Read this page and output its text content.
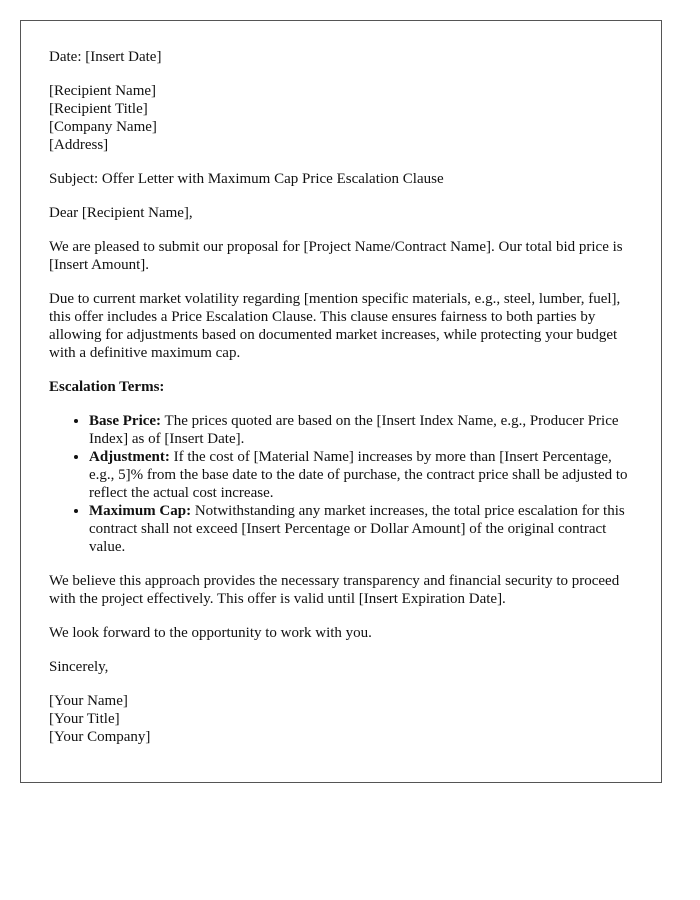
Date: [Insert Date]

[Recipient Name]
[Recipient Title]
[Company Name]
[Address]

Subject: Offer Letter with Maximum Cap Price Escalation Clause

Dear [Recipient Name],

We are pleased to submit our proposal for [Project Name/Contract Name]. Our total bid price is [Insert Amount].

Due to current market volatility regarding [mention specific materials, e.g., steel, lumber, fuel], this offer includes a Price Escalation Clause. This clause ensures fairness to both parties by allowing for adjustments based on documented market increases, while protecting your budget with a definitive maximum cap.

Escalation Terms:

• Base Price: The prices quoted are based on the [Insert Index Name, e.g., Producer Price Index] as of [Insert Date].
• Adjustment: If the cost of [Material Name] increases by more than [Insert Percentage, e.g., 5]% from the base date to the date of purchase, the contract price shall be adjusted to reflect the actual cost increase.
• Maximum Cap: Notwithstanding any market increases, the total price escalation for this contract shall not exceed [Insert Percentage or Dollar Amount] of the original contract value.

We believe this approach provides the necessary transparency and financial security to proceed with the project effectively. This offer is valid until [Insert Expiration Date].

We look forward to the opportunity to work with you.

Sincerely,

[Your Name]
[Your Title]
[Your Company]
